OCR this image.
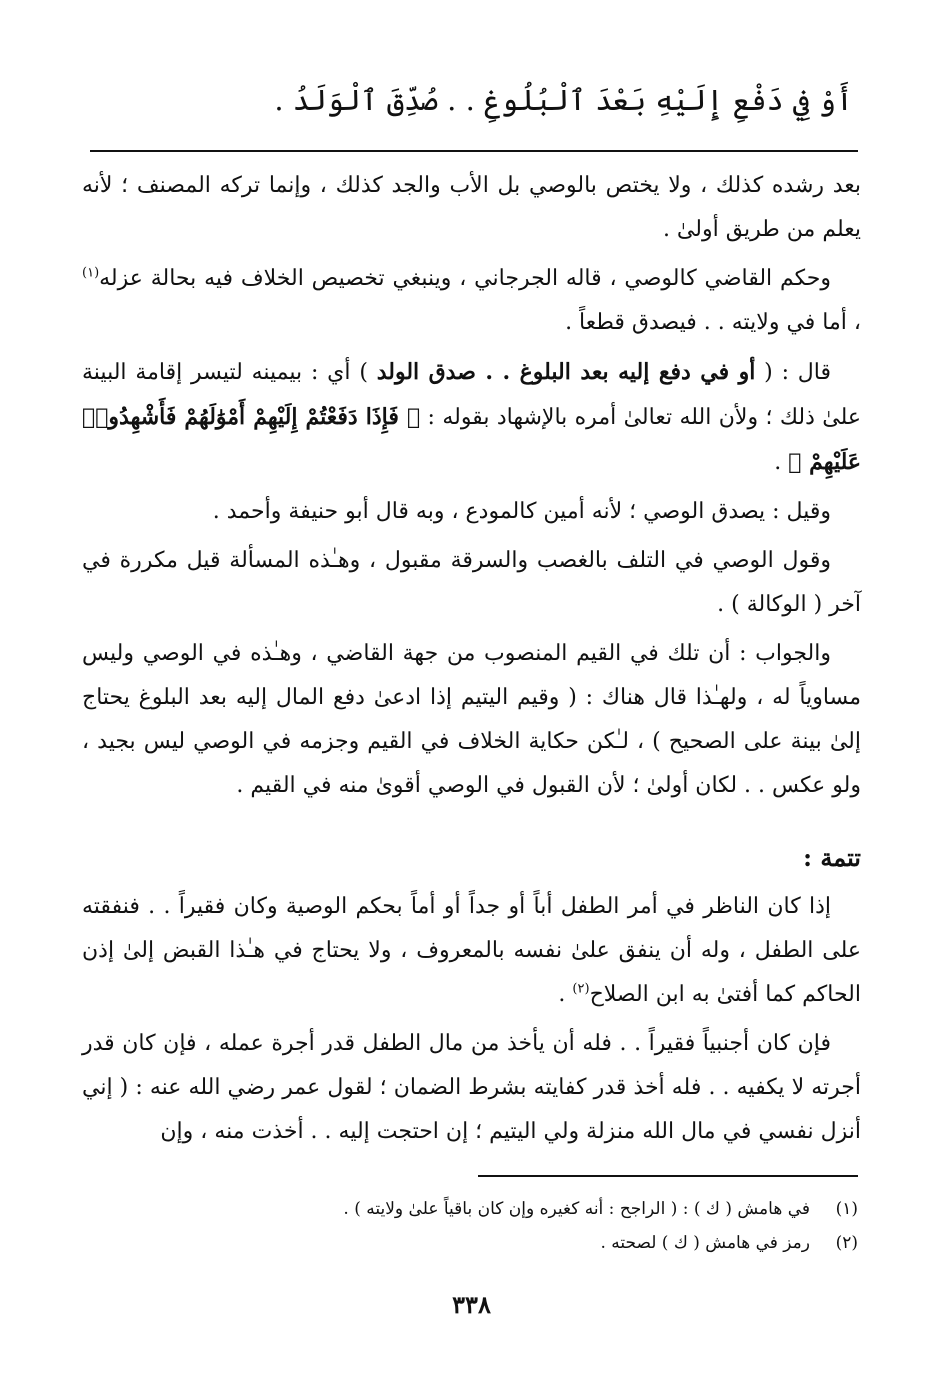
أَوْ فِي دَفْعِ إِلَيْهِ بَعْدَ ٱلْبُلُوغِ . . صُدِّقَ ٱلْوَلَدُ .

بعد رشده كذلك ، ولا يختص بالوصي بل الأب والجد كذلك ، وإنما تركه المصنف ؛ لأنه يعلم من طريق أولىٰ .

وحكم القاضي كالوصي ، قاله الجرجاني ، وينبغي تخصيص الخلاف فيه بحالة عزله$^{(١)}$ ، أما في ولايته . . فيصدق قطعاً .

قال : ( أو في دفع إليه بعد البلوغ . . صدق الولد ) أي : بيمينه لتيسر إقامة البينة علىٰ ذلك ؛ ولأن الله تعالىٰ أمره بالإشهاد بقوله : ﴿ فَإِذَا دَفَعْتُمْ إِلَيْهِمْ أَمْوَٰلَهُمْ فَأَشْهِدُوا۟ عَلَيْهِمْ ﴾ .

وقيل : يصدق الوصي ؛ لأنه أمين كالمودع ، وبه قال أبو حنيفة وأحمد .

وقول الوصي في التلف بالغصب والسرقة مقبول ، وهـٰذه المسألة قيل مكررة في آخر ( الوكالة ) .

والجواب : أن تلك في القيم المنصوب من جهة القاضي ، وهـٰذه في الوصي وليس مساوياً له ، ولهـٰذا قال هناك : ( وقيم اليتيم إذا ادعىٰ دفع المال إليه بعد البلوغ يحتاج إلىٰ بينة على الصحيح ) ، لـٰكن حكاية الخلاف في القيم وجزمه في الوصي ليس بجيد ، ولو عكس . . لكان أولىٰ ؛ لأن القبول في الوصي أقوىٰ منه في القيم .

تتمة :

إذا كان الناظر في أمر الطفل أباً أو جداً أو أماً بحكم الوصية وكان فقيراً . . فنفقته على الطفل ، وله أن ينفق علىٰ نفسه بالمعروف ، ولا يحتاج في هـٰذا القبض إلىٰ إذن الحاكم كما أفتىٰ به ابن الصلاح$^{(٢)}$ .

فإن كان أجنبياً فقيراً . . فله أن يأخذ من مال الطفل قدر أجرة عمله ، فإن كان قدر أجرته لا يكفيه . . فله أخذ قدر كفايته بشرط الضمان ؛ لقول عمر رضي الله عنه : ( إني أنزل نفسي في مال الله منزلة ولي اليتيم ؛ إن احتجت إليه . . أخذت منه ، وإن

(١)في هامش ( ك ) : ( الراجح : أنه كغيره وإن كان باقياً علىٰ ولايته ) .

(٢)رمز في هامش ( ك ) لصحته .

٣٣٨
